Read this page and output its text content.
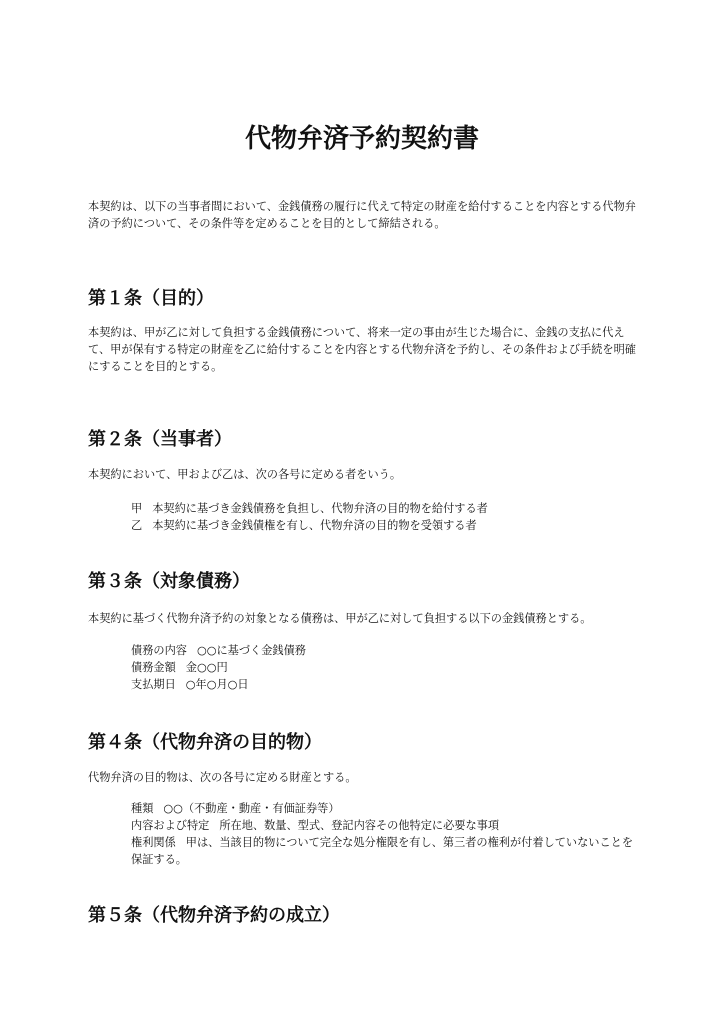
代物弁済予約契約書

本契約は、以下の当事者間において、金銭債務の履行に代えて特定の財産を給付することを内容とする代物弁済の予約について、その条件等を定めることを目的として締結される。

第１条（目的）

本契約は、甲が乙に対して負担する金銭債務について、将来一定の事由が生じた場合に、金銭の支払に代えて、甲が保有する特定の財産を乙に給付することを内容とする代物弁済を予約し、その条件および手続を明確にすることを目的とする。

第２条（当事者）

本契約において、甲および乙は、次の各号に定める者をいう。

甲 本契約に基づき金銭債務を負担し、代物弁済の目的物を給付する者
乙 本契約に基づき金銭債権を有し、代物弁済の目的物を受領する者
第３条（対象債務）

本契約に基づく代物弁済予約の対象となる債務は、甲が乙に対して負担する以下の金銭債務とする。

債務の内容 ○○に基づく金銭債務
債務金額 金○○円
支払期日 ○年○月○日
第４条（代物弁済の目的物）

代物弁済の目的物は、次の各号に定める財産とする。

種類 ○○（不動産・動産・有価証券等）
内容および特定 所在地、数量、型式、登記内容その他特定に必要な事項
権利関係 甲は、当該目的物について完全な処分権限を有し、第三者の権利が付着していないことを保証する。
第５条（代物弁済予約の成立）
